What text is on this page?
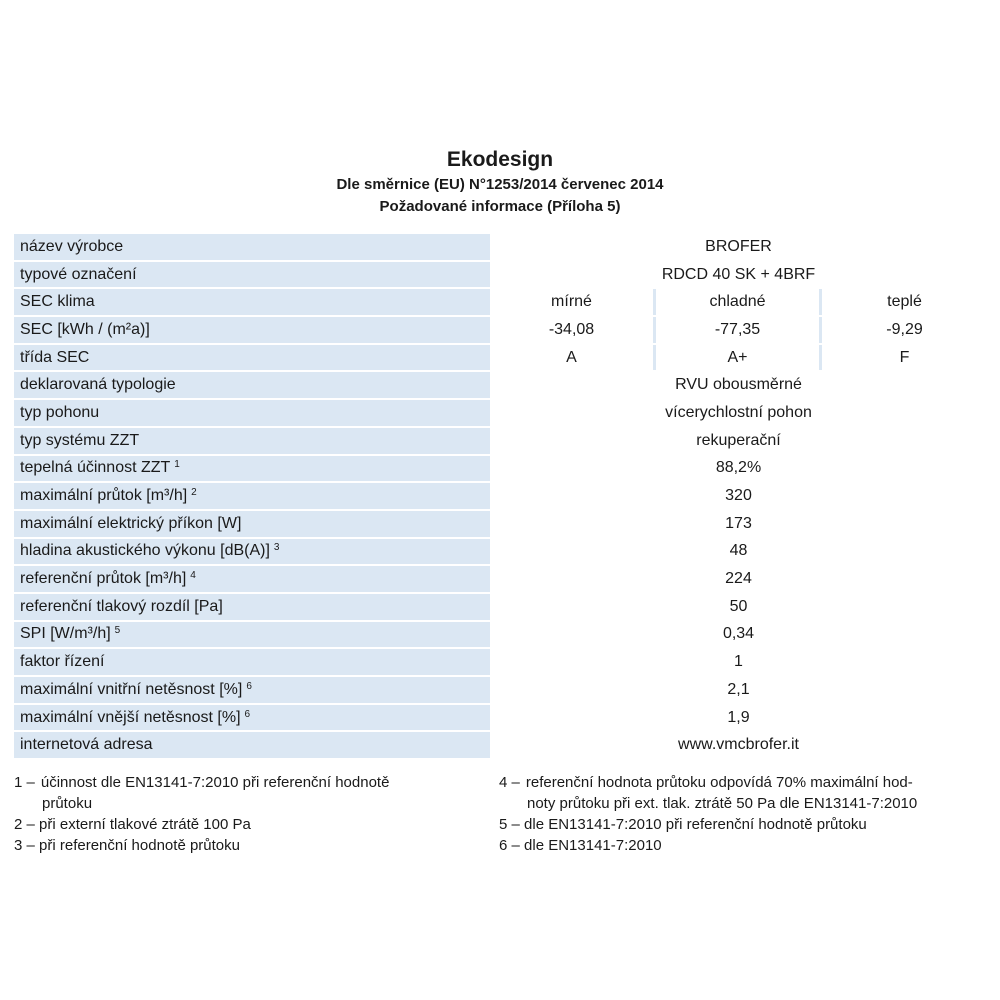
Ekodesign
Dle směrnice (EU) N°1253/2014 červenec 2014
Požadované informace (Příloha 5)
název výrobce	BROFER		
typové označení	RDCD 40 SK + 4BRF		
SEC klima	mírné	chladné	teplé
SEC [kWh / (m²a)]	-34,08	-77,35	-9,29
třída SEC	A	A+	F
deklarovaná typologie	RVU obousměrné		
typ pohonu	vícerychlostní pohon		
typ systému ZZT	rekuperační		
tepelná účinnost ZZT $^1$	88,2%		
maximální průtok [m³/h] $^2$	320		
maximální elektrický příkon [W]	173		
hladina akustického výkonu [dB(A)] $^3$	48		
referenční průtok [m³/h] $^4$	224		
referenční tlakový rozdíl [Pa]	50		
SPI [W/m³/h] $^5$	0,34		
faktor řízení	1		
maximální vnitřní netěsnost [%] $^6$	2,1		
maximální vnější netěsnost [%] $^6$	1,9		
internetová adresa	www.vmcbrofer.it		
1 – účinnost dle EN13141-7:2010 při referenční hodnotě
průtoku
2 – při externí tlakové ztrátě 100 Pa
3 – při referenční hodnotě průtoku
4 – referenční hodnota průtoku odpovídá 70% maximální hod-
noty průtoku při ext. tlak. ztrátě 50 Pa dle EN13141-7:2010
5 – dle EN13141-7:2010 při referenční hodnotě průtoku
6 – dle EN13141-7:2010
